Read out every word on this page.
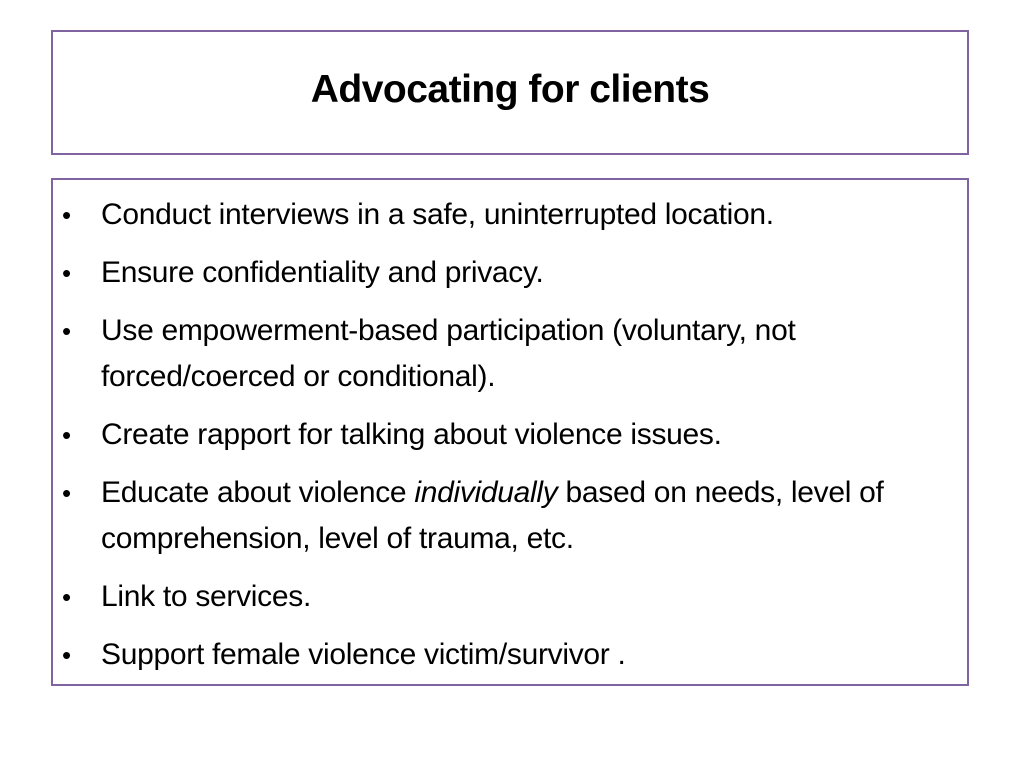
Advocating for clients
• Conduct interviews in a safe, uninterrupted location.
• Ensure confidentiality and privacy.
• Use empowerment-based participation (voluntary, not forced/coerced or conditional).
• Create rapport for talking about violence issues.
• Educate about violence individually based on needs, level of comprehension, level of trauma, etc.
• Link to services.
• Support female violence victim/survivor .
